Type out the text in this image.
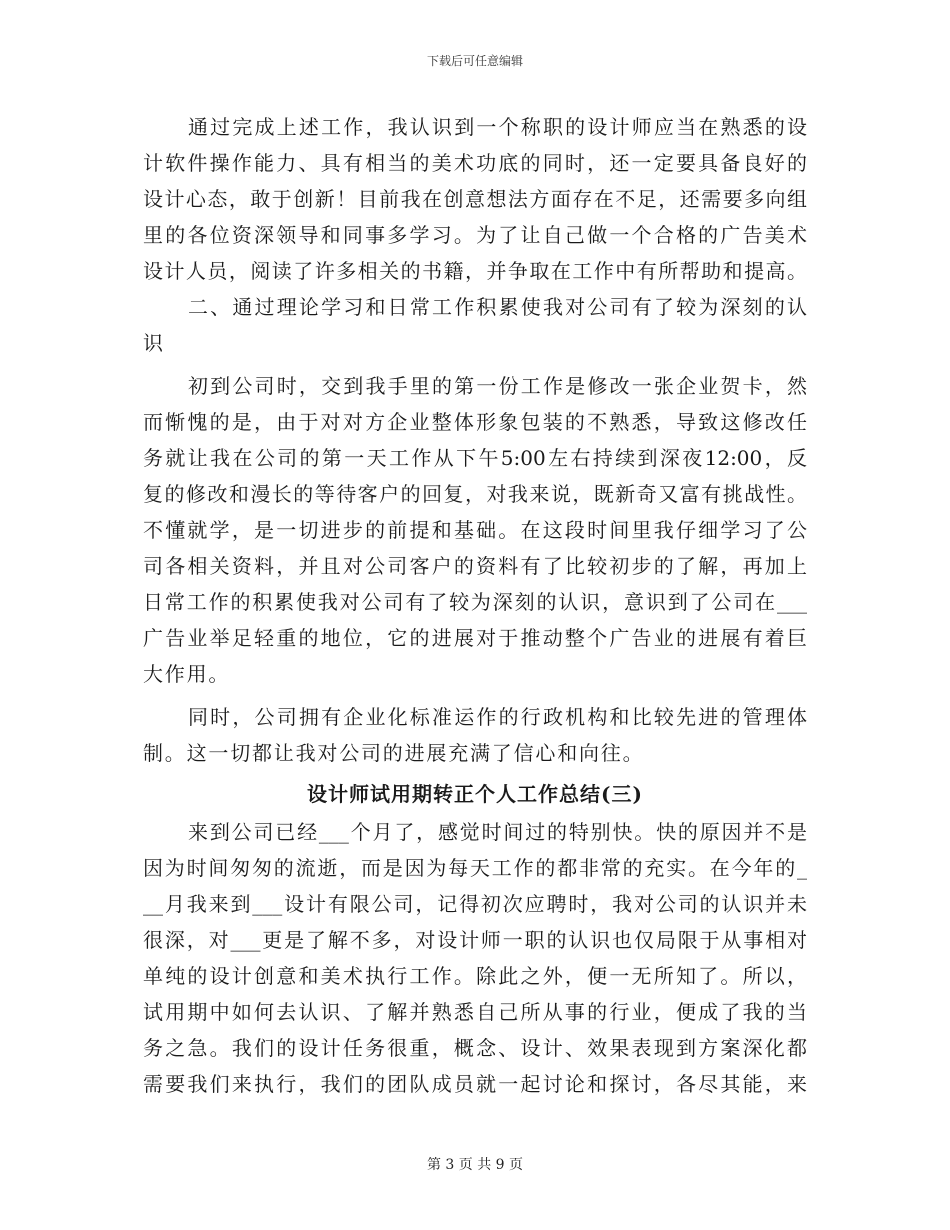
下载后可任意编辑
通过完成上述工作，我认识到一个称职的设计师应当在熟悉的设
计软件操作能力、具有相当的美术功底的同时，还一定要具备良好的
设计心态，敢于创新！目前我在创意想法方面存在不足，还需要多向组
里的各位资深领导和同事多学习。为了让自己做一个合格的广告美术
设计人员，阅读了许多相关的书籍，并争取在工作中有所帮助和提高。
二、通过理论学习和日常工作积累使我对公司有了较为深刻的认
识
初到公司时，交到我手里的第一份工作是修改一张企业贺卡，然
而惭愧的是，由于对对方企业整体形象包装的不熟悉，导致这修改任
务就让我在公司的第一天工作从下午5:00左右持续到深夜12:00，反
复的修改和漫长的等待客户的回复，对我来说，既新奇又富有挑战性。
不懂就学，是一切进步的前提和基础。在这段时间里我仔细学习了公
司各相关资料，并且对公司客户的资料有了比较初步的了解，再加上
日常工作的积累使我对公司有了较为深刻的认识，意识到了公司在___
广告业举足轻重的地位，它的进展对于推动整个广告业的进展有着巨
大作用。
同时，公司拥有企业化标准运作的行政机构和比较先进的管理体
制。这一切都让我对公司的进展充满了信心和向往。
设计师试用期转正个人工作总结(三)
来到公司已经___个月了，感觉时间过的特别快。快的原因并不是
因为时间匆匆的流逝，而是因为每天工作的都非常的充实。在今年的_
__月我来到___设计有限公司，记得初次应聘时，我对公司的认识并未
很深，对___更是了解不多，对设计师一职的认识也仅局限于从事相对
单纯的设计创意和美术执行工作。除此之外，便一无所知了。所以，
试用期中如何去认识、了解并熟悉自己所从事的行业，便成了我的当
务之急。我们的设计任务很重，概念、设计、效果表现到方案深化都
需要我们来执行，我们的团队成员就一起讨论和探讨，各尽其能，来
第 3 页 共 9 页
